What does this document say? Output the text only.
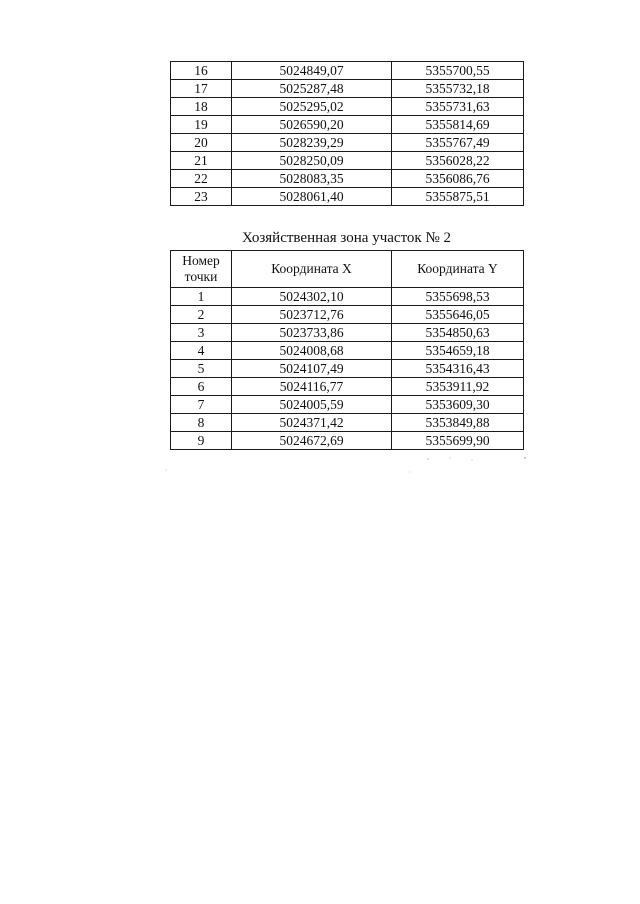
16	5024849,07	5355700,55
17	5025287,48	5355732,18
18	5025295,02	5355731,63
19	5026590,20	5355814,69
20	5028239,29	5355767,49
21	5028250,09	5356028,22
22	5028083,35	5356086,76
23	5028061,40	5355875,51
Хозяйственная зона участок № 2
Номер
точки	Координата X	Координата Y
1	5024302,10	5355698,53
2	5023712,76	5355646,05
3	5023733,86	5354850,63
4	5024008,68	5354659,18
5	5024107,49	5354316,43
6	5024116,77	5353911,92
7	5024005,59	5353609,30
8	5024371,42	5353849,88
9	5024672,69	5355699,90
